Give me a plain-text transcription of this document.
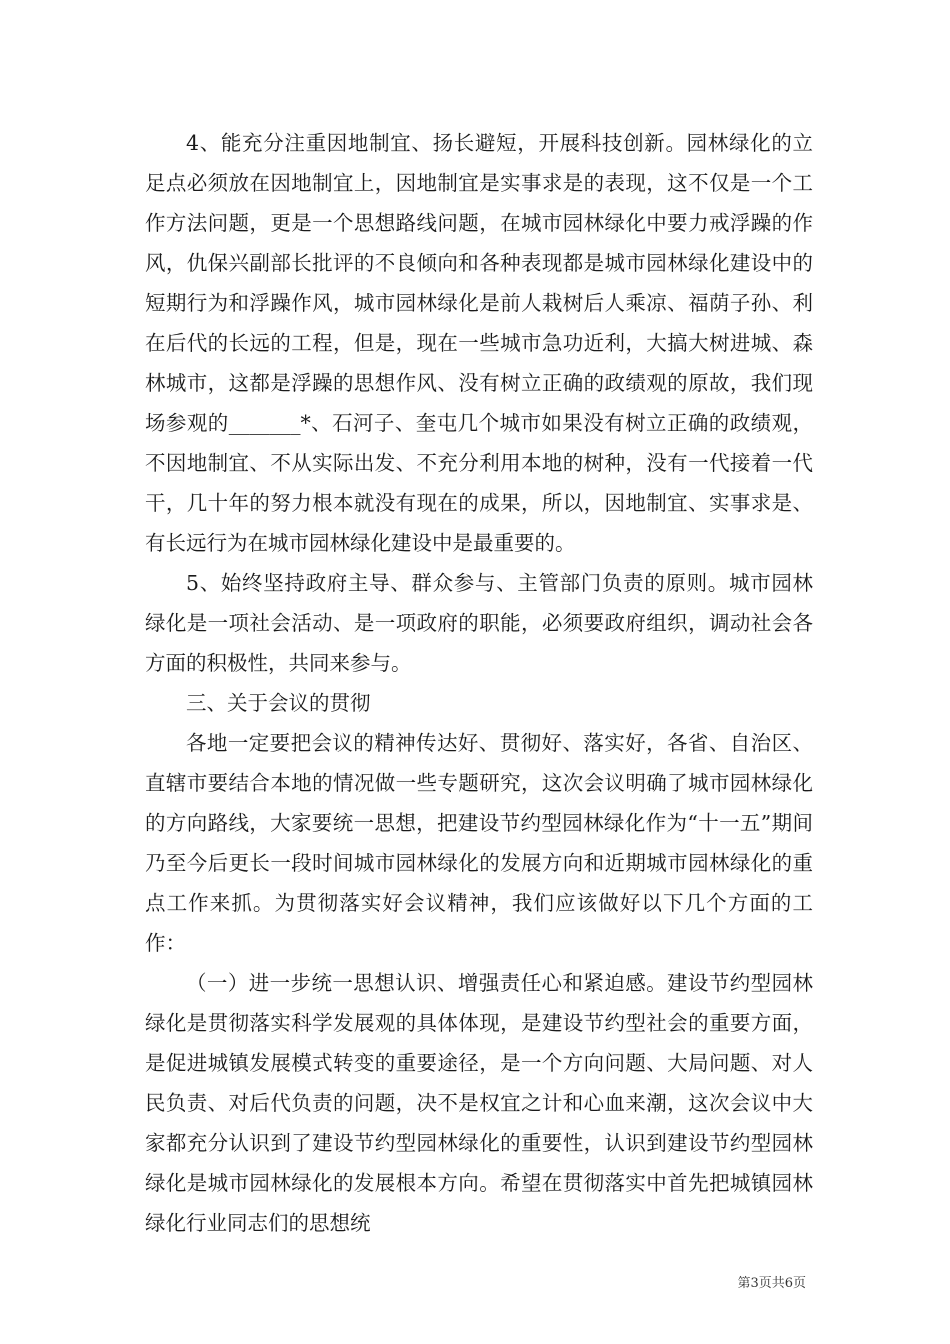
4、能充分注重因地制宜、扬长避短，开展科技创新。园林绿化的立足点必须放在因地制宜上，因地制宜是实事求是的表现，这不仅是一个工作方法问题，更是一个思想路线问题，在城市园林绿化中要力戒浮躁的作风，仇保兴副部长批评的不良倾向和各种表现都是城市园林绿化建设中的短期行为和浮躁作风，城市园林绿化是前人栽树后人乘凉、福荫子孙、利在后代的长远的工程，但是，现在一些城市急功近利，大搞大树进城、森林城市，这都是浮躁的思想作风、没有树立正确的政绩观的原故，我们现场参观的_______*、石河子、奎屯几个城市如果没有树立正确的政绩观，不因地制宜、不从实际出发、不充分利用本地的树种，没有一代接着一代干，几十年的努力根本就没有现在的成果，所以，因地制宜、实事求是、有长远行为在城市园林绿化建设中是最重要的。

5、始终坚持政府主导、群众参与、主管部门负责的原则。城市园林绿化是一项社会活动、是一项政府的职能，必须要政府组织，调动社会各方面的积极性，共同来参与。

三、关于会议的贯彻

各地一定要把会议的精神传达好、贯彻好、落实好，各省、自治区、直辖市要结合本地的情况做一些专题研究，这次会议明确了城市园林绿化的方向路线，大家要统一思想，把建设节约型园林绿化作为“十一五”期间乃至今后更长一段时间城市园林绿化的发展方向和近期城市园林绿化的重点工作来抓。为贯彻落实好会议精神，我们应该做好以下几个方面的工作：

（一）进一步统一思想认识、增强责任心和紧迫感。建设节约型园林绿化是贯彻落实科学发展观的具体体现，是建设节约型社会的重要方面，是促进城镇发展模式转变的重要途径，是一个方向问题、大局问题、对人民负责、对后代负责的问题，决不是权宜之计和心血来潮，这次会议中大家都充分认识到了建设节约型园林绿化的重要性，认识到建设节约型园林绿化是城市园林绿化的发展根本方向。希望在贯彻落实中首先把城镇园林绿化行业同志们的思想统

第3页共6页
